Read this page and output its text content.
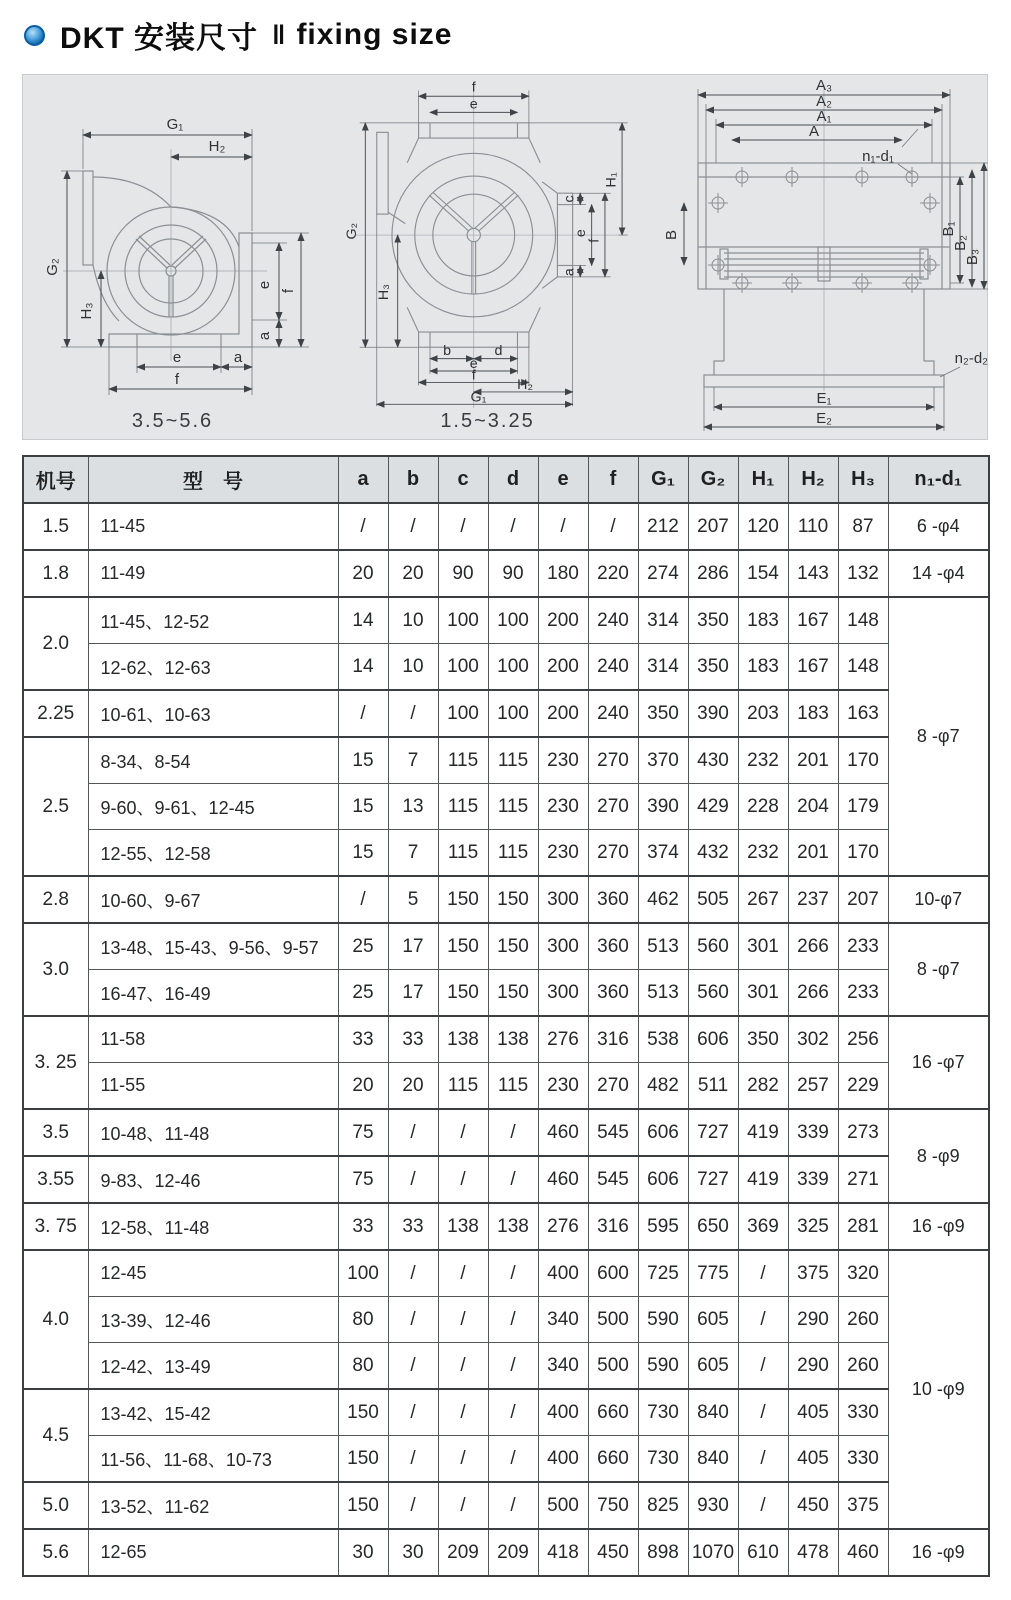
DKT 安装尺寸 ‖ fixing size
G₁
H₂
G₂
H₃
e
a
f
e	a
f
3.5~5.6
f
e
G₂
H₃
c
e
f
a
H₁
b	d
e
f
H₂
G₁
1.5~3.25
A₃
A₂
A₁
A
n₁-d₁
B	B₁
B₂
B₃
n₂-d₂
E₁
E₂
机号	型　号	a	b	c	d	e	f	G₁	G₂	H₁	H₂	H₃	n₁-d₁
1.5	11-45	/	/	/	/	/	/	212	207	120	110	87	6 -φ4
1.8	11-49	20	20	90	90	180	220	274	286	154	143	132	14 -φ4
2.0	11-45、12-52	14	10	100	100	200	240	314	350	183	167	148	8 -φ7
	12-62、12-63	14	10	100	100	200	240	314	350	183	167	148	
2.25	10-61、10-63	/	/	100	100	200	240	350	390	203	183	163	
2.5	8-34、8-54	15	7	115	115	230	270	370	430	232	201	170	
	9-60、9-61、12-45	15	13	115	115	230	270	390	429	228	204	179	
	12-55、12-58	15	7	115	115	230	270	374	432	232	201	170	
2.8	10-60、9-67	/	5	150	150	300	360	462	505	267	237	207	10-φ7
3.0	13-48、15-43、9-56、9-57	25	17	150	150	300	360	513	560	301	266	233	8 -φ7
	16-47、16-49	25	17	150	150	300	360	513	560	301	266	233	
3. 25	11-58	33	33	138	138	276	316	538	606	350	302	256	16 -φ7
	11-55	20	20	115	115	230	270	482	511	282	257	229	
3.5	10-48、11-48	75	/	/	/	460	545	606	727	419	339	273	8 -φ9
3.55	9-83、12-46	75	/	/	/	460	545	606	727	419	339	271	
3. 75	12-58、11-48	33	33	138	138	276	316	595	650	369	325	281	16 -φ9
4.0	12-45	100	/	/	/	400	600	725	775	/	375	320	10 -φ9
	13-39、12-46	80	/	/	/	340	500	590	605	/	290	260	
	12-42、13-49	80	/	/	/	340	500	590	605	/	290	260	
4.5	13-42、15-42	150	/	/	/	400	660	730	840	/	405	330	
	11-56、11-68、10-73	150	/	/	/	400	660	730	840	/	405	330	
5.0	13-52、11-62	150	/	/	/	500	750	825	930	/	450	375	
5.6	12-65	30	30	209	209	418	450	898	1070	610	478	460	16 -φ9
